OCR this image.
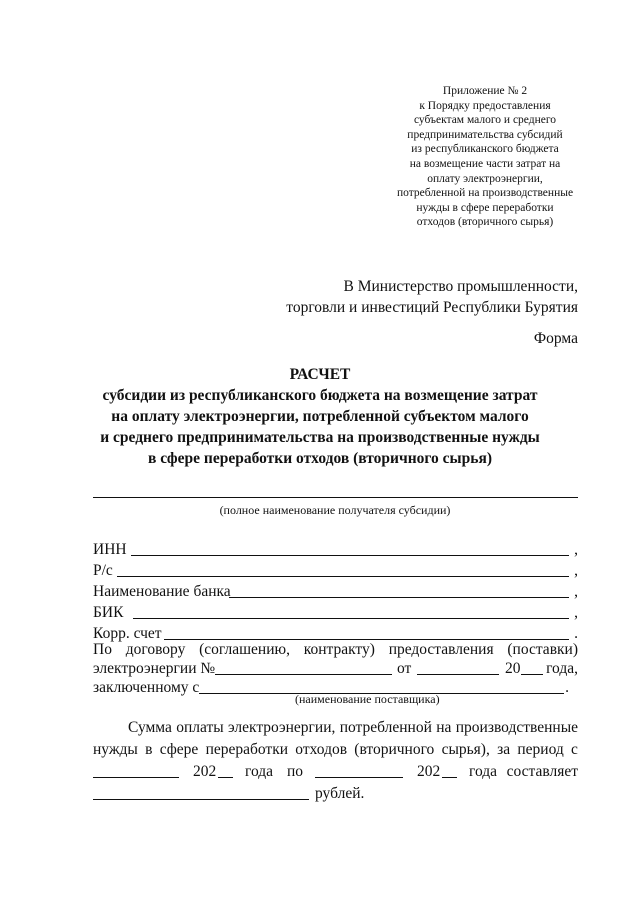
Приложение № 2
к Порядку предоставления
субъектам малого и среднего
предпринимательства субсидий
из республиканского бюджета
на возмещение части затрат на
оплату электроэнергии,
потребленной на производственные
нужды в сфере переработки
отходов (вторичного сырья)
В Министерство промышленности,
торговли и инвестиций Республики Бурятия
Форма
РАСЧЕТ
субсидии из республиканского бюджета на возмещение затрат
на оплату электроэнергии, потребленной субъектом малого
и среднего предпринимательства на производственные нужды
в сфере переработки отходов (вторичного сырья)
(полное наименование получателя субсидии)
ИНН	,
Р/с	,
Наименование банка	,
БИК	,
Корр. счет	.
По договору (соглашению, контракту) предоставления (поставки)
электроэнергии №	от	20 года,
заключенному с	.
(наименование поставщика)
Сумма оплаты электроэнергии, потребленной на производственные
нужды в сфере переработки отходов (вторичного сырья), за период с
202 года по	202 года составляет
рублей.
